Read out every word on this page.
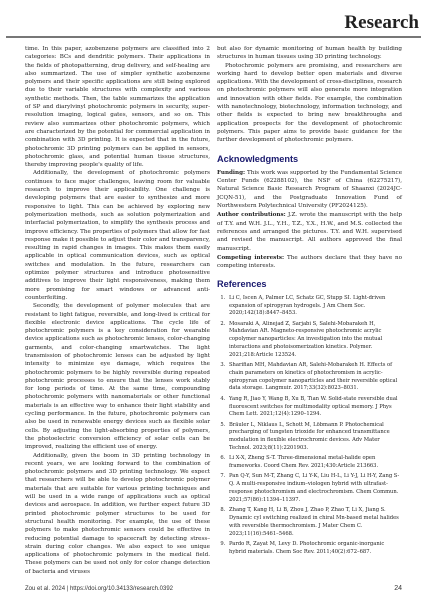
Research

time. In this paper, azobenzene polymers are classified into 2 categories: BCs and dendritic polymers. Their applications in the fields of photopatterning, drug delivery, and self-healing are also summarized. The use of simpler synthetic azobenzene polymers and their specific applications are still being explored due to their variable structures with complexity and various synthetic methods. Then, the table summarizes the application of SP and diarylvinyl photochromic polymers in security, super-resolution imaging, logical gates, sensors, and so on. This review also summarizes other photochromic polymers, which are characterized by the potential for commercial application in combination with 3D printing. It is expected that in the future, photochromic 3D printing polymers can be applied in sensors, photochromic glass, and potential human tissue structures, thereby improving people's quality of life.

Additionally, the development of photochromic polymers continues to face major challenges, leaving room for valuable research to improve their applicability. One challenge is developing polymers that are easier to synthesize and more responsive to light. This can be achieved by exploring new polymerization methods, such as solution polymerization and interfacial polymerization, to simplify the synthesis process and improve efficiency. The properties of polymers that allow for fast response make it possible to adjust their color and transparency, resulting in rapid changes in images. This makes them easily applicable in optical communication devices, such as optical switches and modulation. In the future, researchers can optimize polymer structures and introduce photosensitive additives to improve their light responsiveness, making them more promising for smart windows or advanced anti-counterfeiting.

Secondly, the development of polymer molecules that are resistant to light fatigue, reversible, and long-lived is critical for flexible electronic device applications. The cycle life of photochromic polymers is a key consideration for wearable device applications such as photochromic lenses, color-changing garments, and color-changing smartwatches. The light transmission of photochromic lenses can be adjusted by light intensity to minimize eye damage, which requires the photochromic polymers to be highly reversible during repeated photochromic processes to ensure that the lenses work stably for long periods of time. At the same time, compounding photochromic polymers with nanomaterials or other functional materials is an effective way to enhance their light stability and cycling performance. In the future, photochromic polymers can also be used in renewable energy devices such as flexible solar cells. By adjusting the light-absorbing properties of polymers, the photoelectric conversion efficiency of solar cells can be improved, realizing the efficient use of energy.

Additionally, given the boom in 3D printing technology in recent years, we are looking forward to the combination of photochromic polymers and 3D printing technology. We expect that researchers will be able to develop photochromic polymer materials that are suitable for various printing techniques and will be used in a wide range of applications such as optical devices and aerospace. In addition, we further expect future 3D printed photochromic polymer structures to be used for structural health monitoring. For example, the use of these polymers to make photochromic sensors could be effective in reducing potential damage to spacecraft by detecting stress–strain during color changes. We also expect to see unique applications of photochromic polymers in the medical field. These polymers can be used not only for color change detection of bacteria and viruses

but also for dynamic monitoring of human health by building structures in human tissues using 3D printing technology.

Photochromic polymers are promising, and researchers are working hard to develop better open materials and diverse applications. With the development of cross-disciplines, research on photochromic polymers will also generate more integration and innovation with other fields. For example, the combination with nanotechnology, biotechnology, information technology, and other fields is expected to bring new breakthroughs and application prospects for the development of photochromic polymers. This paper aims to provide basic guidance for the further development of photochromic polymers.

Acknowledgments

Funding: This work was supported by the Fundamental Science Center Funds (62288102), the NSF of China (62275217), Natural Science Basic Research Program of Shaanxi (2024JC-JCQN-51), and the Postgraduate Innovation Fund of Northwestern Polytechnical University (PF2024125).

Author contributions: J.Z. wrote the manuscript with the help of T.Y. and W.H. J.L., Y.H., T.Z., Y.X., H.W., and M.S. collected the references and arranged the pictures. T.Y. and W.H. supervised and revised the manuscript. All authors approved the final manuscript.

Competing interests: The authors declare that they have no competing interests.

References
1. Li C, Iscen A, Palmer LC, Schatz GC, Stupp SI. Light-driven expansion of spiropyran hydrogels. J Am Chem Soc. 2020;142(18):8447–8453.
2. Mosaraki A, Alinejad Z, Sarjabi S, Salehi-Mobarakeh H, Mahdavian AR. Magneto-responsive photochromic acrylic copolymer nanoparticles: An investigation into the mutual interactions and photoisomerization kinetics. Polymer. 2021;218:Article 123524.
3. Sharifian MH, Mahdavian AR, Salehi-Mobarakeh H. Effects of chain parameters on kinetics of photochromism in acrylic-spiropyran copolymer nanoparticles and their reversible optical data storage. Langmuir. 2017;33(32):8023–8031.
4. Yang R, Jiao Y, Wang B, Xu B, Tian W. Solid-state reversible dual fluorescent switches for multimodality optical memory. J Phys Chem Lett. 2021;12(4):1290–1294.
5. Bräuler L, Niklaus L, Schott M, Löbmann P. Photochemical precharging of tungsten trioxide for enhanced transmittance modulation in flexible electrochromic devices. Adv Mater Technol. 2023;8(11):2201903.
6. Li X-X, Zheng S-T. Three-dimensional metal-halide open frameworks. Coord Chem Rev. 2021;430:Article 213663.
7. Pan Q-Y, Sun M-T, Zhang C, Li Y-K, Liu H-L, Li Y-J, Li H-Y, Zang S-Q. A multi-responsive indium–viologen hybrid with ultrafast-response photochromism and electrochromism. Chem Commun. 2021;57(86):11394–11397.
8. Zhang T, Kang H, Li B, Zhou J, Zhao P, Zhao T, Li X, Jiang S. Dynamic cyl switching realized in chiral Mn-based metal halides with reversible thermochromism. J Mater Chem C. 2023;11(16):5461–5468.
9. Pardo R, Zayat M, Levy D. Photochromic organic-inorganic hybrid materials. Chem Soc Rev. 2011;40(2):672–687.
Zou et al. 2024 | https://doi.org/10.34133/research.0392	24
